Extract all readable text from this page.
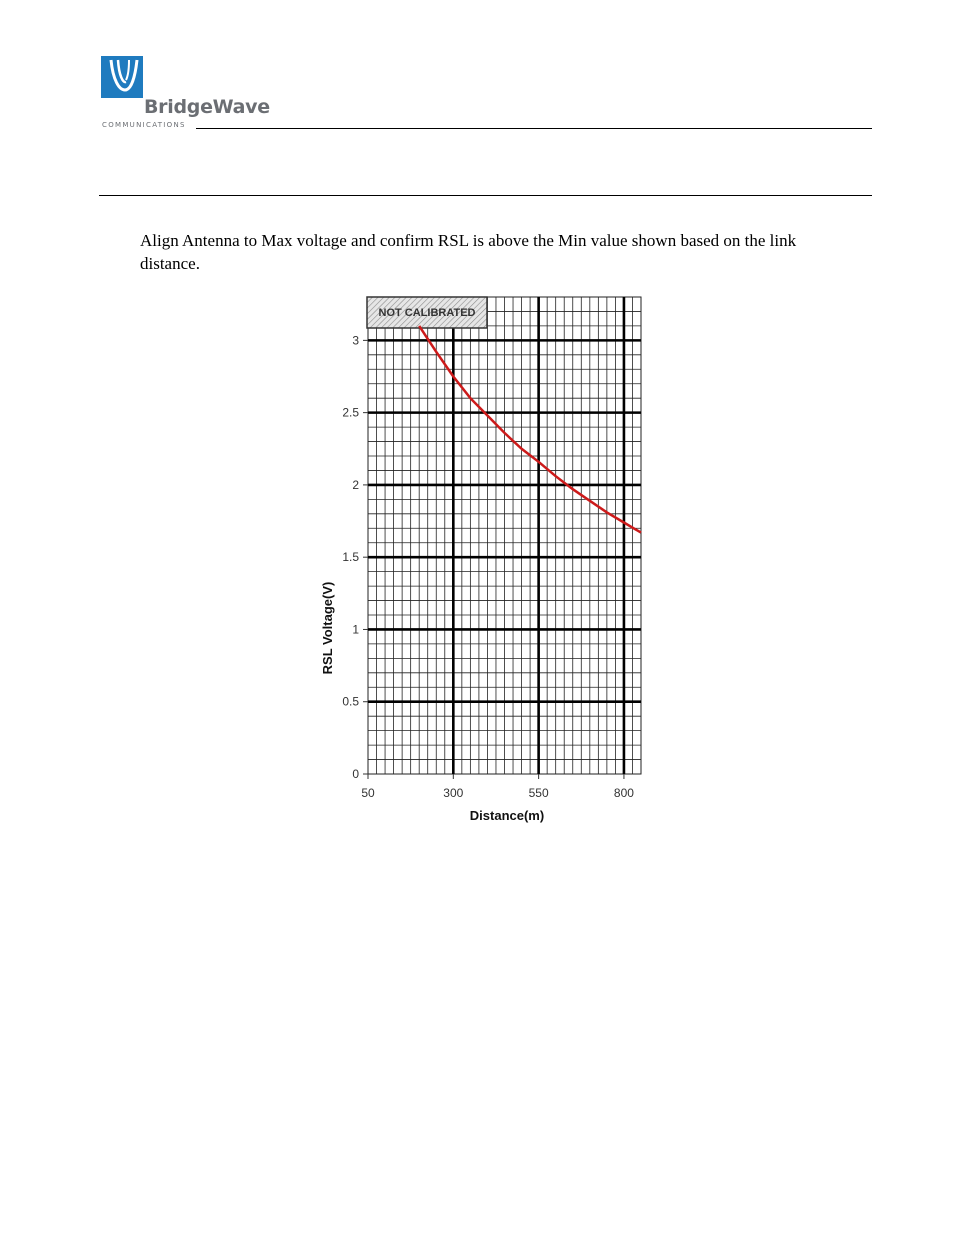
BridgeWave
COMMUNICATIONS
Align Antenna to Max voltage and confirm RSL is above the Min value shown based on the link distance.
NOT CALIBRATED
0
0.5
1
1.5
2
2.5
3
50	300	550	800
RSL Voltage(V)
Distance(m)
